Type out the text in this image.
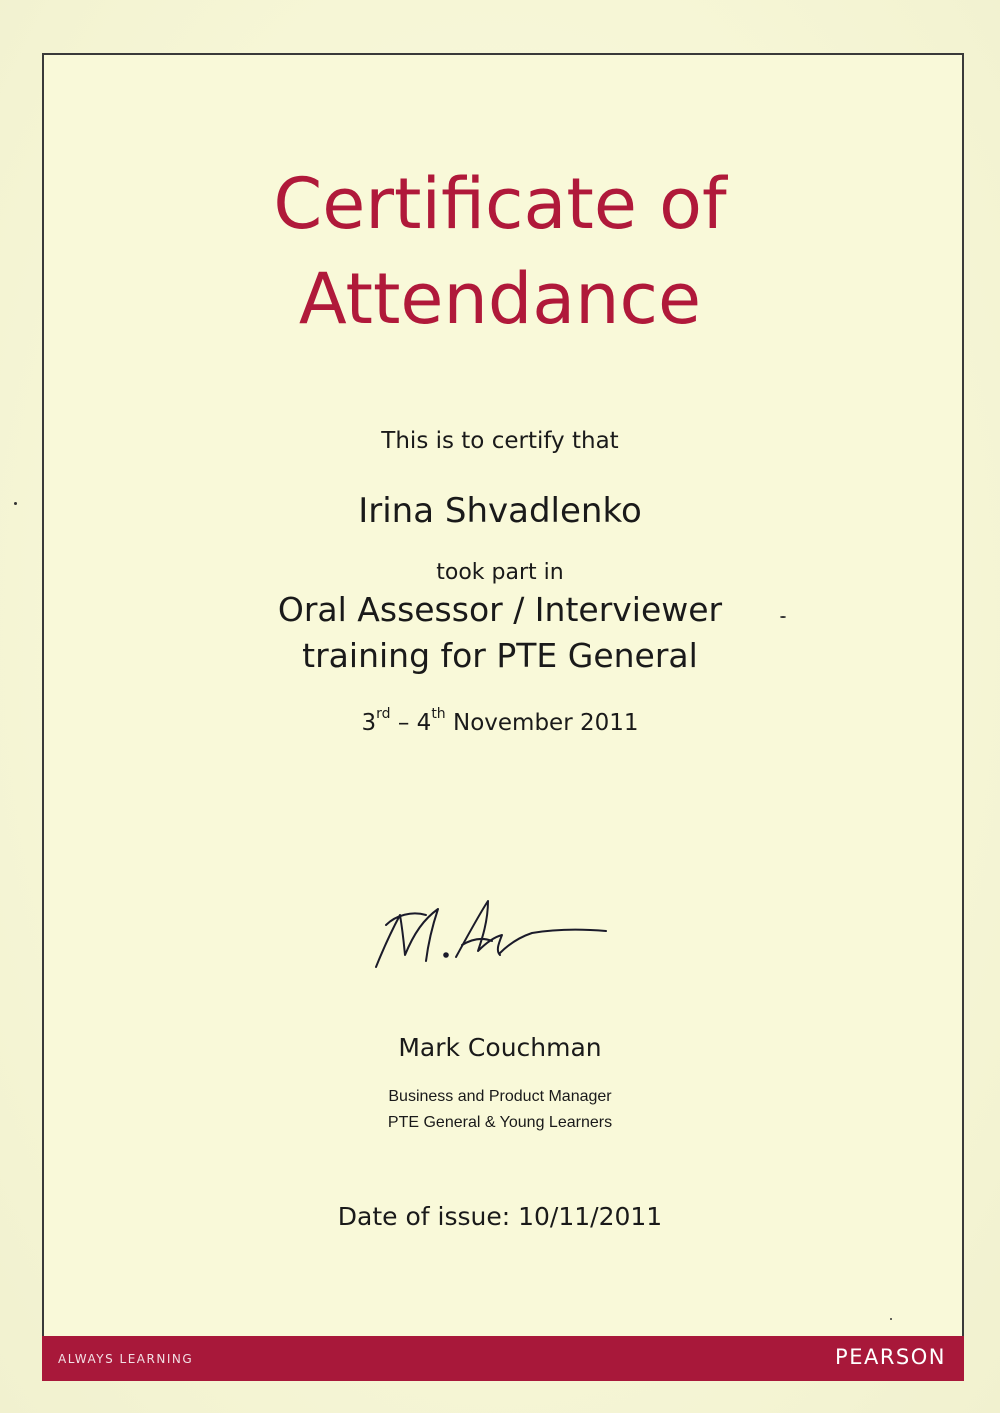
Certificate of
Attendance
This is to certify that
Irina Shvadlenko
took part in
Oral Assessor / Interviewer
training for PTE General
3rd – 4th November 2011
Mark Couchman
Business and Product Manager
PTE General & Young Learners
Date of issue: 10/11/2011
ALWAYS LEARNING	PEARSON
